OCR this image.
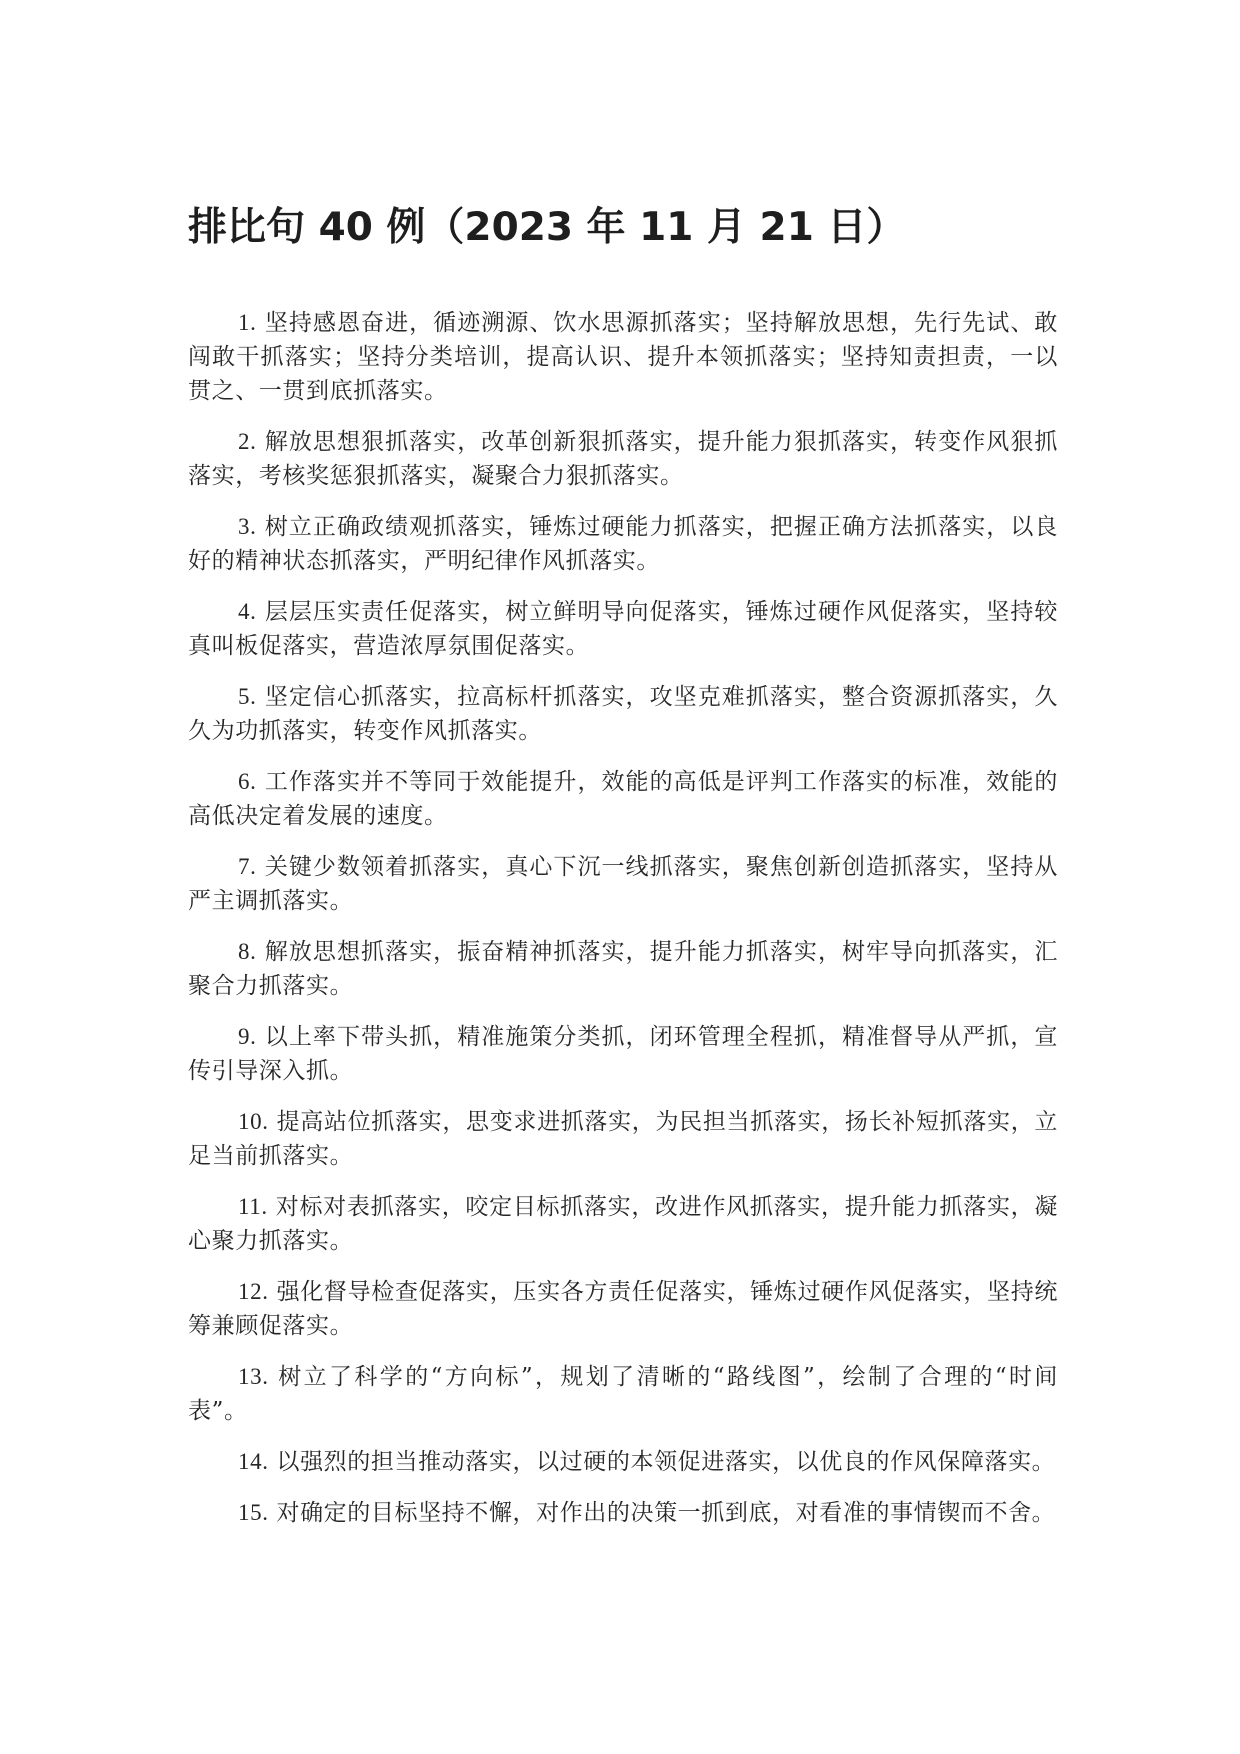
排比句 40 例（2023 年 11 月 21 日）

1. 坚持感恩奋进，循迹溯源、饮水思源抓落实；坚持解放思想，先行先试、敢闯敢干抓落实；坚持分类培训，提高认识、提升本领抓落实；坚持知责担责，一以贯之、一贯到底抓落实。

2. 解放思想狠抓落实，改革创新狠抓落实，提升能力狠抓落实，转变作风狠抓落实，考核奖惩狠抓落实，凝聚合力狠抓落实。

3. 树立正确政绩观抓落实，锤炼过硬能力抓落实，把握正确方法抓落实，以良好的精神状态抓落实，严明纪律作风抓落实。

4. 层层压实责任促落实，树立鲜明导向促落实，锤炼过硬作风促落实，坚持较真叫板促落实，营造浓厚氛围促落实。

5. 坚定信心抓落实，拉高标杆抓落实，攻坚克难抓落实，整合资源抓落实，久久为功抓落实，转变作风抓落实。

6. 工作落实并不等同于效能提升，效能的高低是评判工作落实的标准，效能的高低决定着发展的速度。

7. 关键少数领着抓落实，真心下沉一线抓落实，聚焦创新创造抓落实，坚持从严主调抓落实。

8. 解放思想抓落实，振奋精神抓落实，提升能力抓落实，树牢导向抓落实，汇聚合力抓落实。

9. 以上率下带头抓，精准施策分类抓，闭环管理全程抓，精准督导从严抓，宣传引导深入抓。

10. 提高站位抓落实，思变求进抓落实，为民担当抓落实，扬长补短抓落实，立足当前抓落实。

11. 对标对表抓落实，咬定目标抓落实，改进作风抓落实，提升能力抓落实，凝心聚力抓落实。

12. 强化督导检查促落实，压实各方责任促落实，锤炼过硬作风促落实，坚持统筹兼顾促落实。

13. 树立了科学的“方向标”，规划了清晰的“路线图”，绘制了合理的“时间表”。

14. 以强烈的担当推动落实，以过硬的本领促进落实，以优良的作风保障落实。

15. 对确定的目标坚持不懈，对作出的决策一抓到底，对看准的事情锲而不舍。
